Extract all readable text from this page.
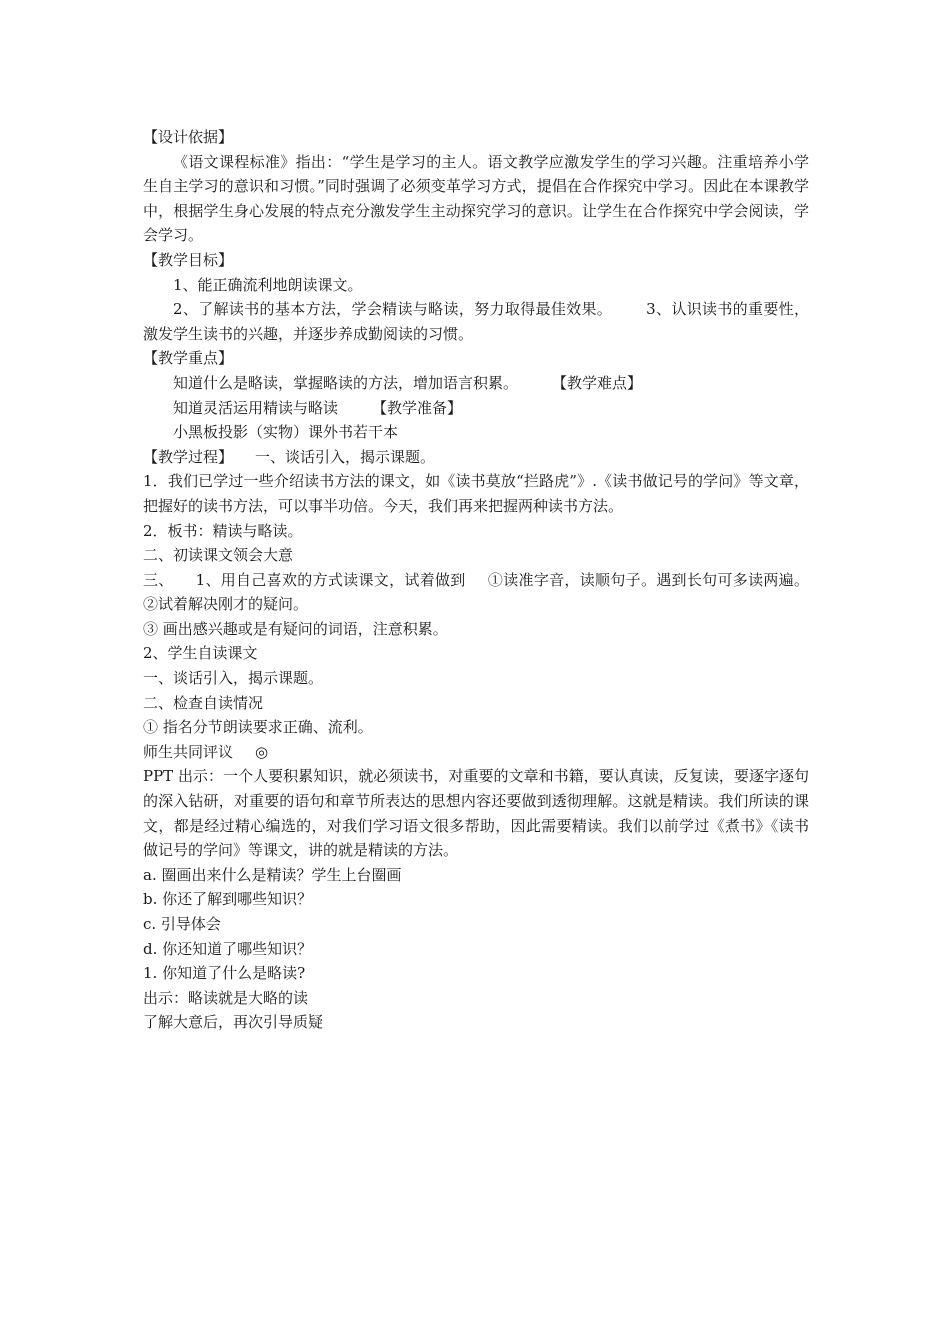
【设计依据】

《语文课程标准》指出：“学生是学习的主人。语文教学应激发学生的学习兴趣。注重培养小学生自主学习的意识和习惯。”同时强调了必须变革学习方式，提倡在合作探究中学习。因此在本课教学中，根据学生身心发展的特点充分激发学生主动探究学习的意识。让学生在合作探究中学会阅读，学会学习。

【教学目标】

1、能正确流利地朗读课文。

2、了解读书的基本方法，学会精读与略读，努力取得最佳效果。 3、认识读书的重要性，激发学生读书的兴趣，并逐步养成勤阅读的习惯。

【教学重点】

知道什么是略读，掌握略读的方法，增加语言积累。 【教学难点】

知道灵活运用精读与略读 【教学准备】

小黑板投影（实物）课外书若干本

【教学过程】 一、谈话引入，揭示课题。

1．我们已学过一些介绍读书方法的课文，如《读书莫放“拦路虎”》.《读书做记号的学问》等文章，把握好的读书方法，可以事半功倍。今天，我们再来把握两种读书方法。

2．板书：精读与略读。

二、初读课文领会大意

三、 1、用自己喜欢的方式读课文，试着做到 ①读准字音，读顺句子。遇到长句可多读两遍。②试着解决刚才的疑问。

③ 画出感兴趣或是有疑问的词语，注意积累。

2、学生自读课文

一、谈话引入，揭示课题。

二、检查自读情况

① 指名分节朗读要求正确、流利。

师生共同评议 ◎

PPT 出示：一个人要积累知识，就必须读书，对重要的文章和书籍，要认真读，反复读，要逐字逐句的深入钻研，对重要的语句和章节所表达的思想内容还要做到透彻理解。这就是精读。我们所读的课文，都是经过精心编选的，对我们学习语文很多帮助，因此需要精读。我们以前学过《煮书》《读书做记号的学问》等课文，讲的就是精读的方法。

a. 圈画出来什么是精读？学生上台圈画

b. 你还了解到哪些知识？

c. 引导体会

d. 你还知道了哪些知识？

1. 你知道了什么是略读?

出示：略读就是大略的读

了解大意后，再次引导质疑
